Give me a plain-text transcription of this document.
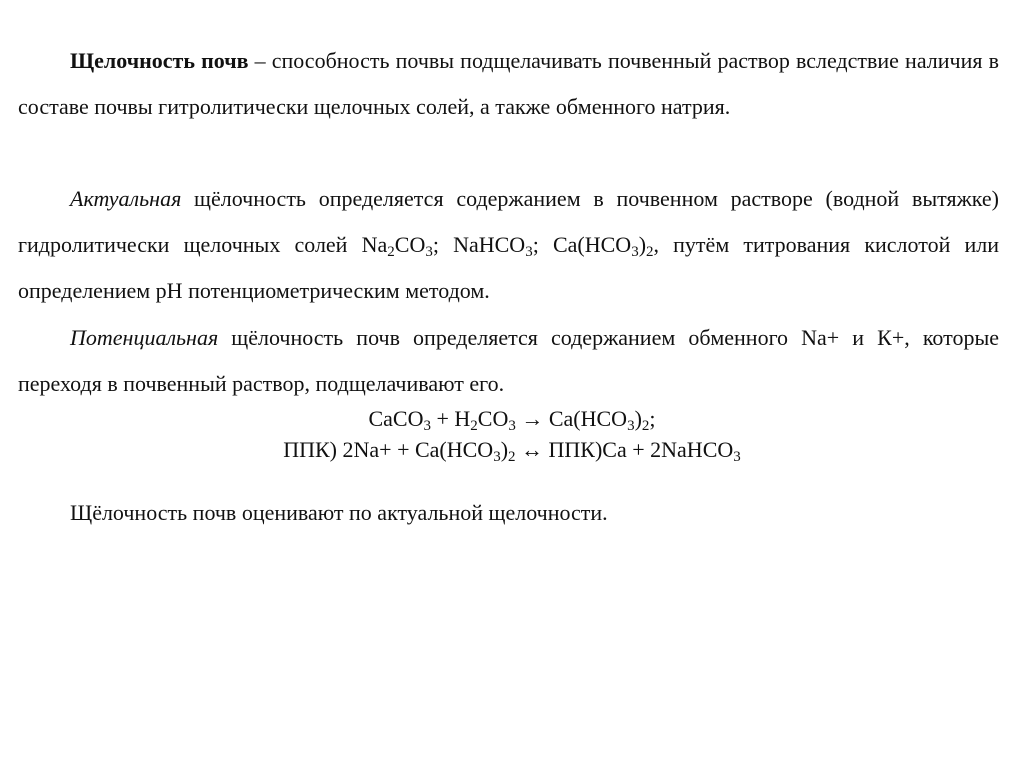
Щелочность почв – способность почвы подщелачивать почвенный раствор вследствие наличия в составе почвы гитролитически щелочных солей, а также обменного натрия.

Актуальная щёлочность определяется содержанием в почвенном растворе (водной вытяжке) гидролитически щелочных солей $Na_2CO_3$; NaHCO$_3$; $Ca(HCO_3)_2$, путём титрования кислотой или определением рН потенциометрическим методом.

Потенциальная щёлочность почв определяется содержанием обменного Na+ и К+, которые переходя в почвенный раствор, подщелачивают его.

CaCO$_3$ + $H_2CO_3 \to Ca(HCO_3)_2$;
ППК) $2Na+ + Ca(HCO_3)_2$ ↔ ППК)Ca + 2NaHCO$_3$

Щёлочность почв оценивают по актуальной щелочности.
